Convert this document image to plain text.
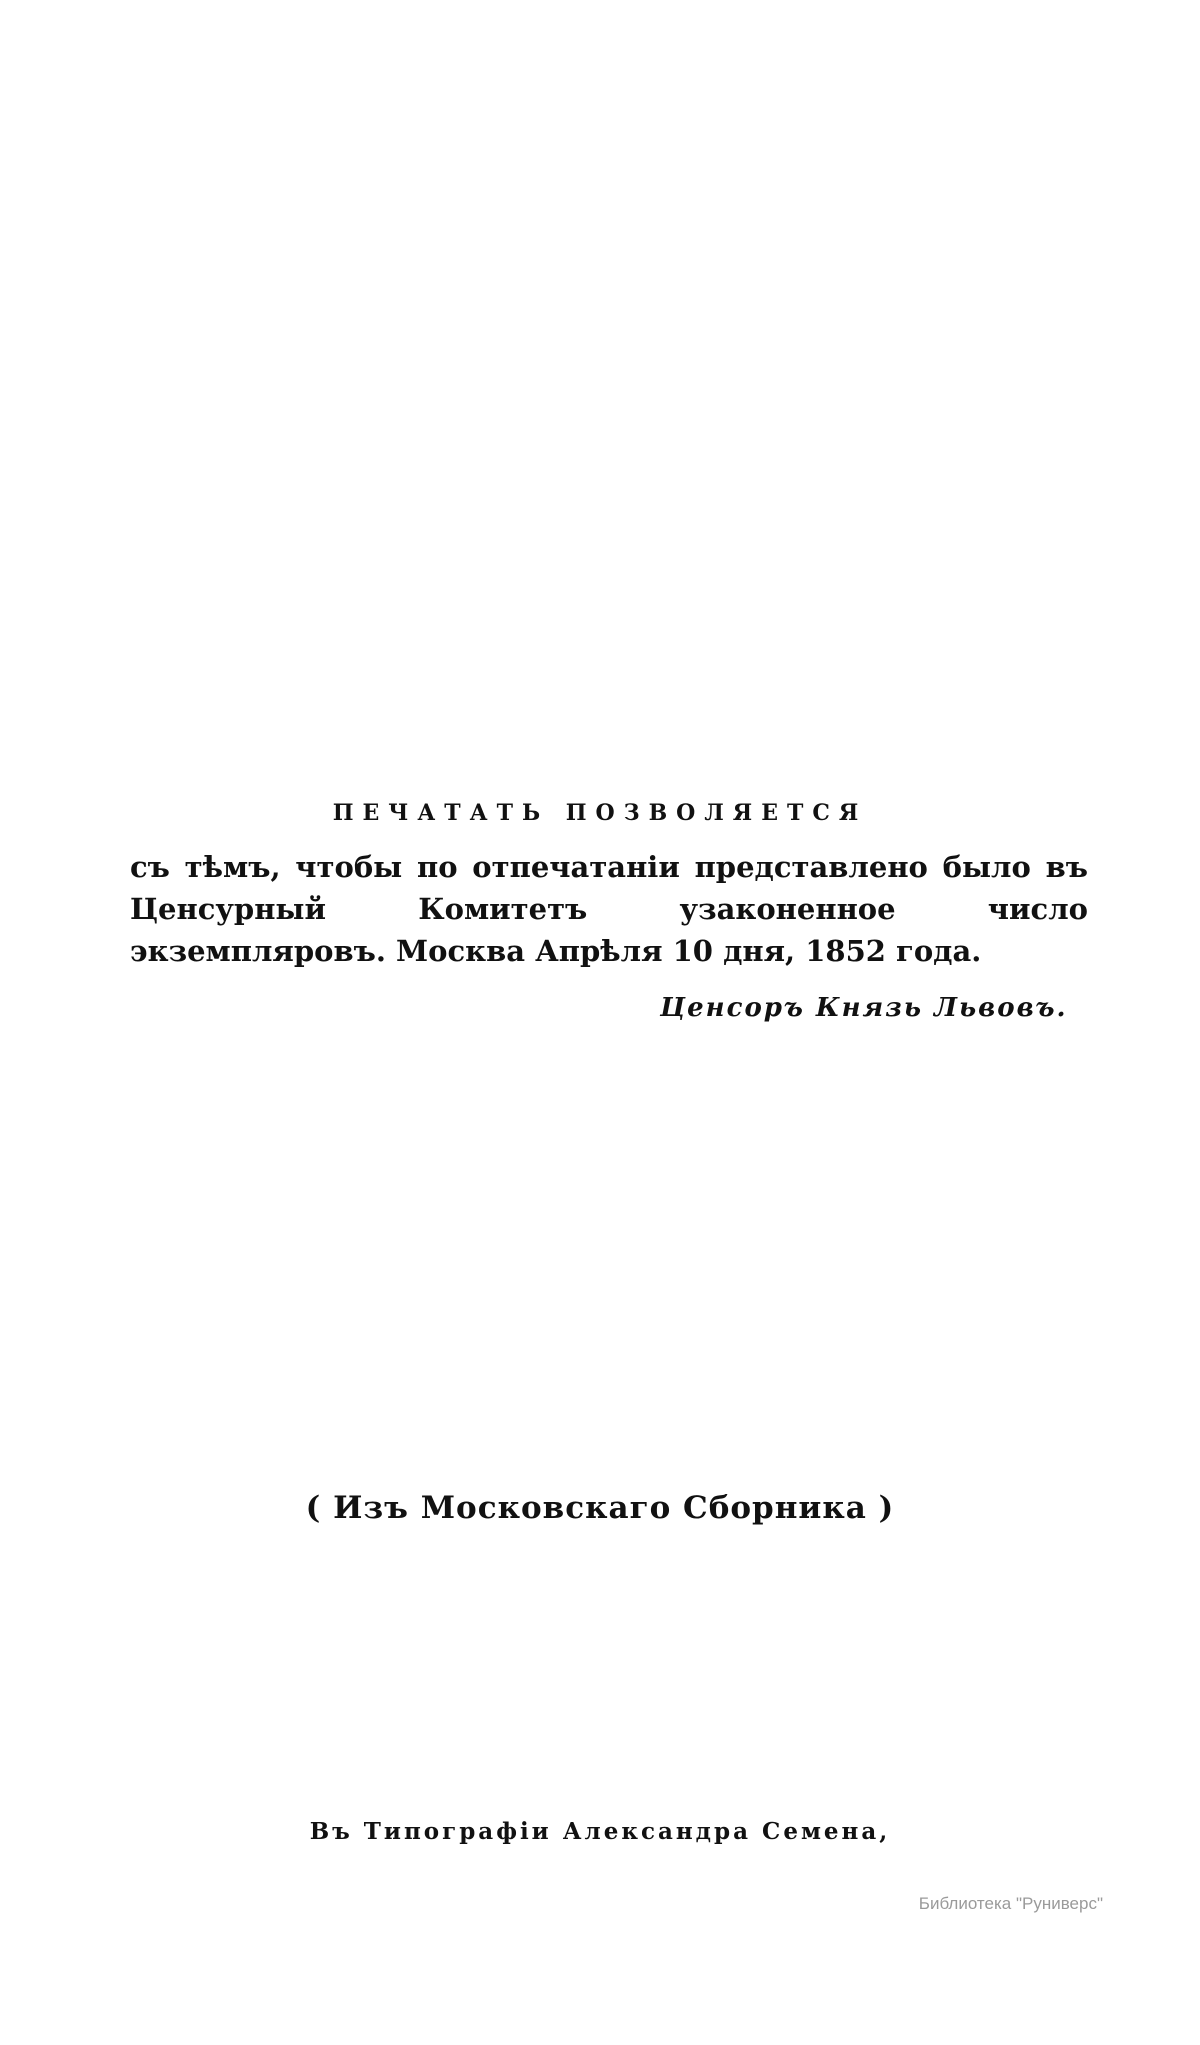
ПЕЧАТАТЬ ПОЗВОЛЯЕТСЯ
съ тѣмъ, чтобы по отпечатаніи представлено было въ Ценсурный Комитетъ узаконенное число экземпляровъ. Москва Апрѣля 10 дня, 1852 года.
Ценсоръ Князь Львовъ.
( Изъ Московскаго Сборника )
Въ Типографіи Александра Семена,
Библиотека "Руниверс"
